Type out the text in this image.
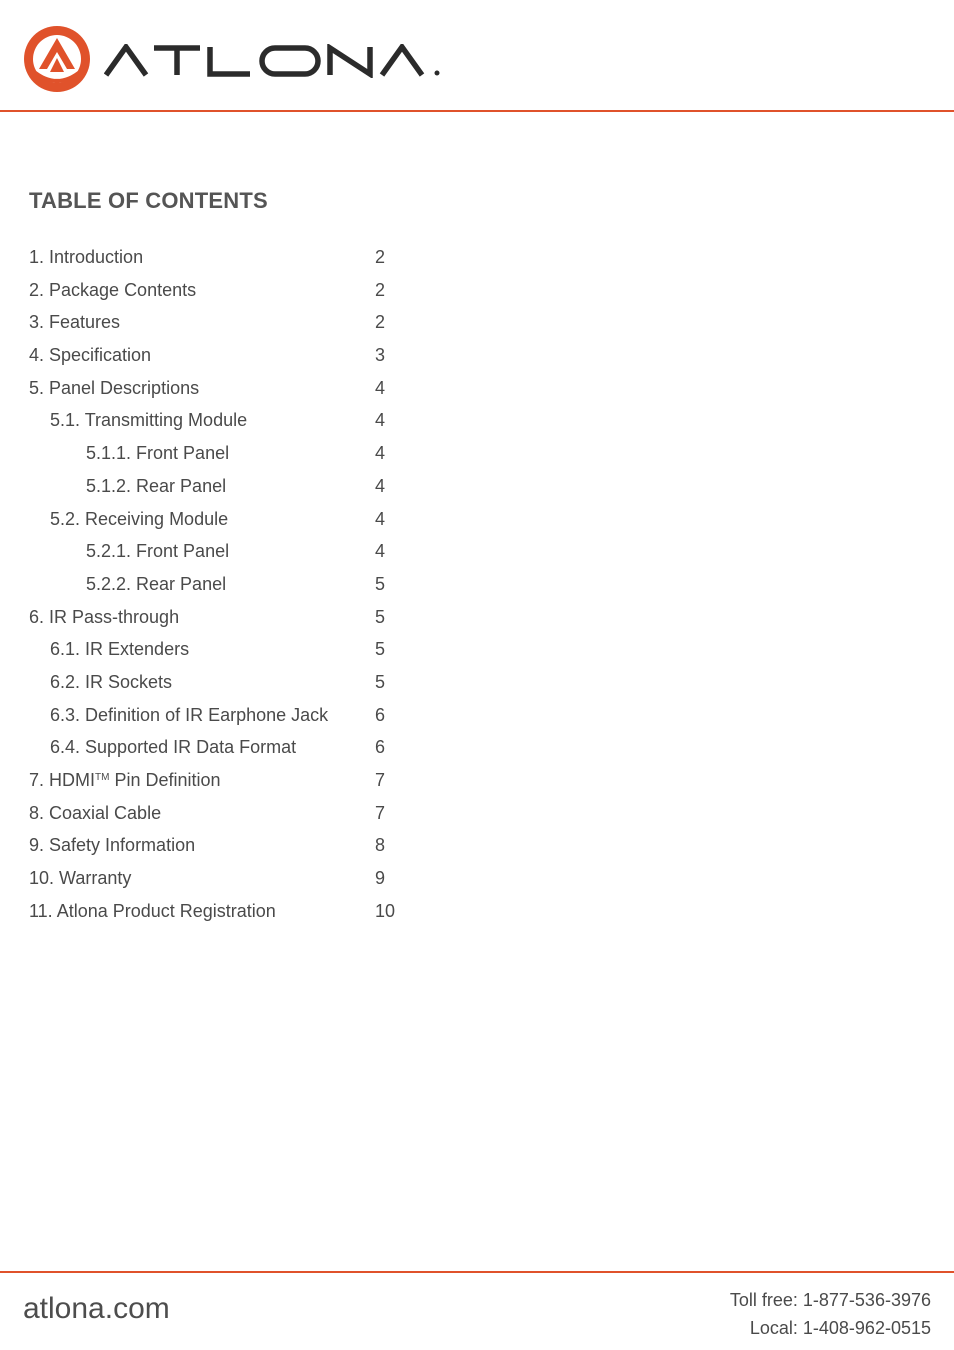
TABLE OF CONTENTS
1. Introduction	2
2. Package Contents	2
3. Features	2
4. Specification	3
5. Panel Descriptions	4
5.1. Transmitting Module	4
5.1.1. Front Panel	4
5.1.2. Rear Panel	4
5.2. Receiving Module	4
5.2.1. Front Panel	4
5.2.2. Rear Panel	5
6. IR Pass-through	5
6.1. IR Extenders	5
6.2. IR Sockets	5
6.3. Definition of IR Earphone Jack	6
6.4. Supported IR Data Format	6
7. HDMI™ Pin Definition	7
8. Coaxial Cable	7
9. Safety Information	8
10. Warranty	9
11. Atlona Product Registration	10
atlona.com	Toll free: 1-877-536-3976
Local: 1-408-962-0515
